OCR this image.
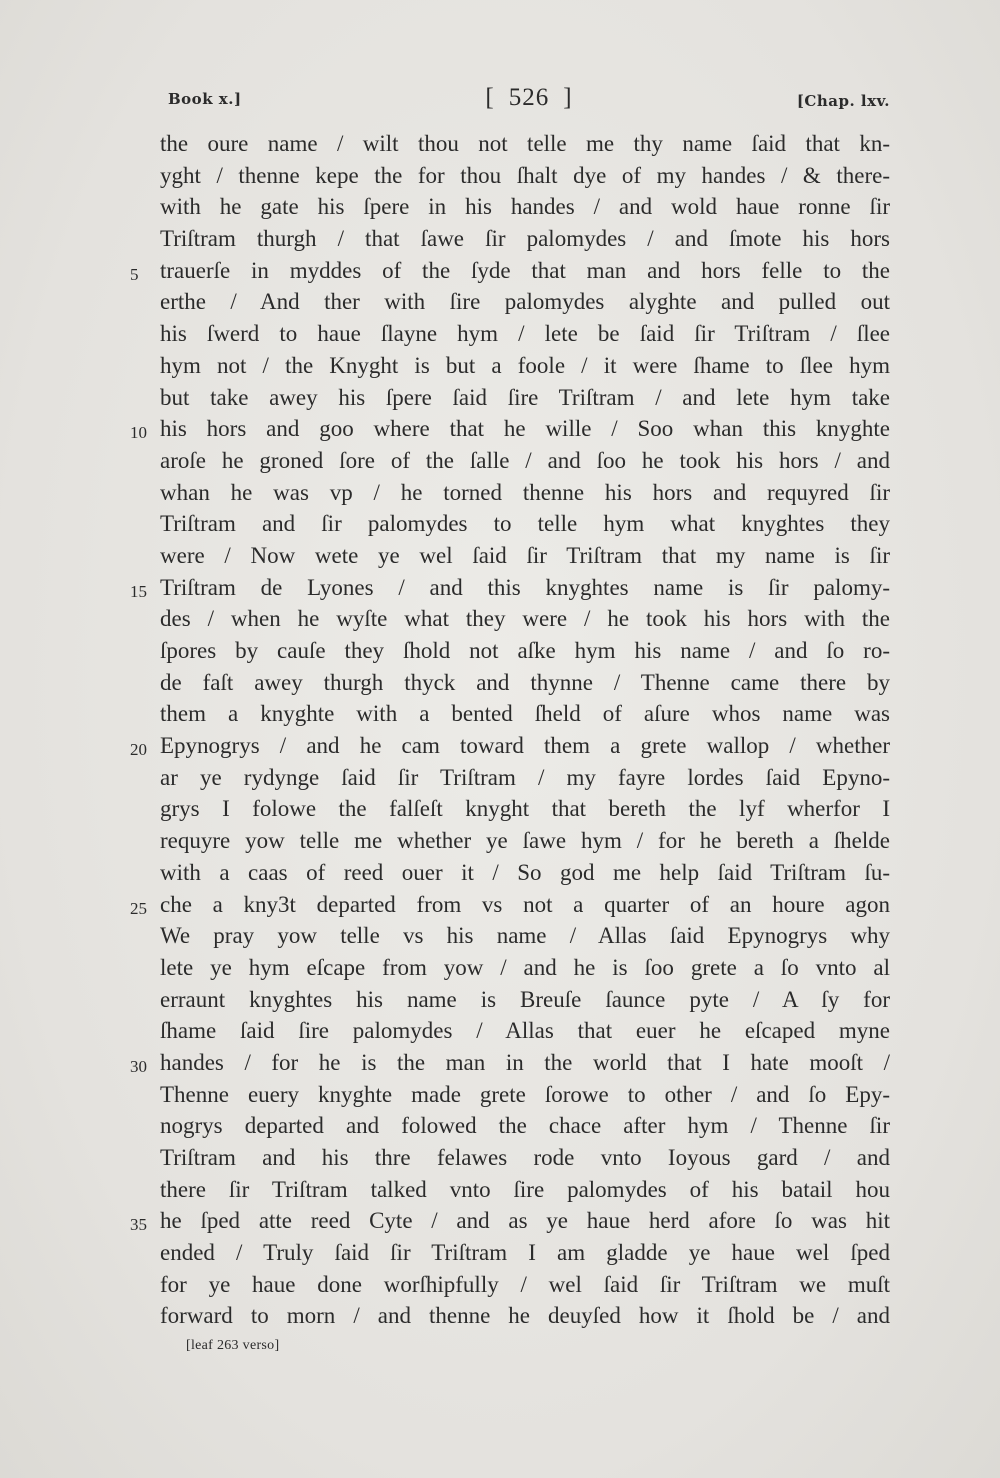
Book x.]	[ 526 ]	[Chap. lxv.
the oure name / wilt thou not telle me thy name ſaid that kn-
yght / thenne kepe the for thou ſhalt dye of my handes / & there-
with he gate his ſpere in his handes / and wold haue ronne ſir
Triſtram thurgh / that ſawe ſir palomydes / and ſmote his hors
5 trauerſe in myddes of the ſyde that man and hors felle to the
erthe / And ther with ſire palomydes alyghte and pulled out
his ſwerd to haue ſlayne hym / lete be ſaid ſir Triſtram / ſlee
hym not / the Knyght is but a foole / it were ſhame to ſlee hym
but take awey his ſpere ſaid ſire Triſtram / and lete hym take
10 his hors and goo where that he wille / Soo whan this knyghte
aroſe he groned ſore of the ſalle / and ſoo he took his hors / and
whan he was vp / he torned thenne his hors and requyred ſir
Triſtram and ſir palomydes to telle hym what knyghtes they
were / Now wete ye wel ſaid ſir Triſtram that my name is ſir
15 Triſtram de Lyones / and this knyghtes name is ſir palomy-
des / when he wyſte what they were / he took his hors with the
ſpores by cauſe they ſhold not aſke hym his name / and ſo ro-
de faſt awey thurgh thyck and thynne / Thenne came there by
them a knyghte with a bented ſheld of aſure whos name was
20 Epynogrys / and he cam toward them a grete wallop / whether
ar ye rydynge ſaid ſir Triſtram / my fayre lordes ſaid Epyno-
grys I folowe the falſeſt knyght that bereth the lyf wherfor I
requyre yow telle me whether ye ſawe hym / for he bereth a ſhelde
with a caas of reed ouer it / So god me help ſaid Triſtram ſu-
25 che a kny3t departed from vs not a quarter of an houre agon
We pray yow telle vs his name / Allas ſaid Epynogrys why
lete ye hym eſcape from yow / and he is ſoo grete a ſo vnto al
erraunt knyghtes his name is Breuſe ſaunce pyte / A ſy for
ſhame ſaid ſire palomydes / Allas that euer he eſcaped myne
30 handes / for he is the man in the world that I hate mooſt /
Thenne euery knyghte made grete ſorowe to other / and ſo Epy-
nogrys departed and folowed the chace after hym / Thenne ſir
Triſtram and his thre felawes rode vnto Ioyous gard / and
there ſir Triſtram talked vnto ſire palomydes of his batail hou
35 he ſped atte reed Cyte / and as ye haue herd afore ſo was hit
ended / Truly ſaid ſir Triſtram I am gladde ye haue wel ſped
for ye haue done worſhipfully / wel ſaid ſir Triſtram we muſt
forward to morn / and thenne he deuyſed how it ſhold be / and
[leaf 263 verso]
